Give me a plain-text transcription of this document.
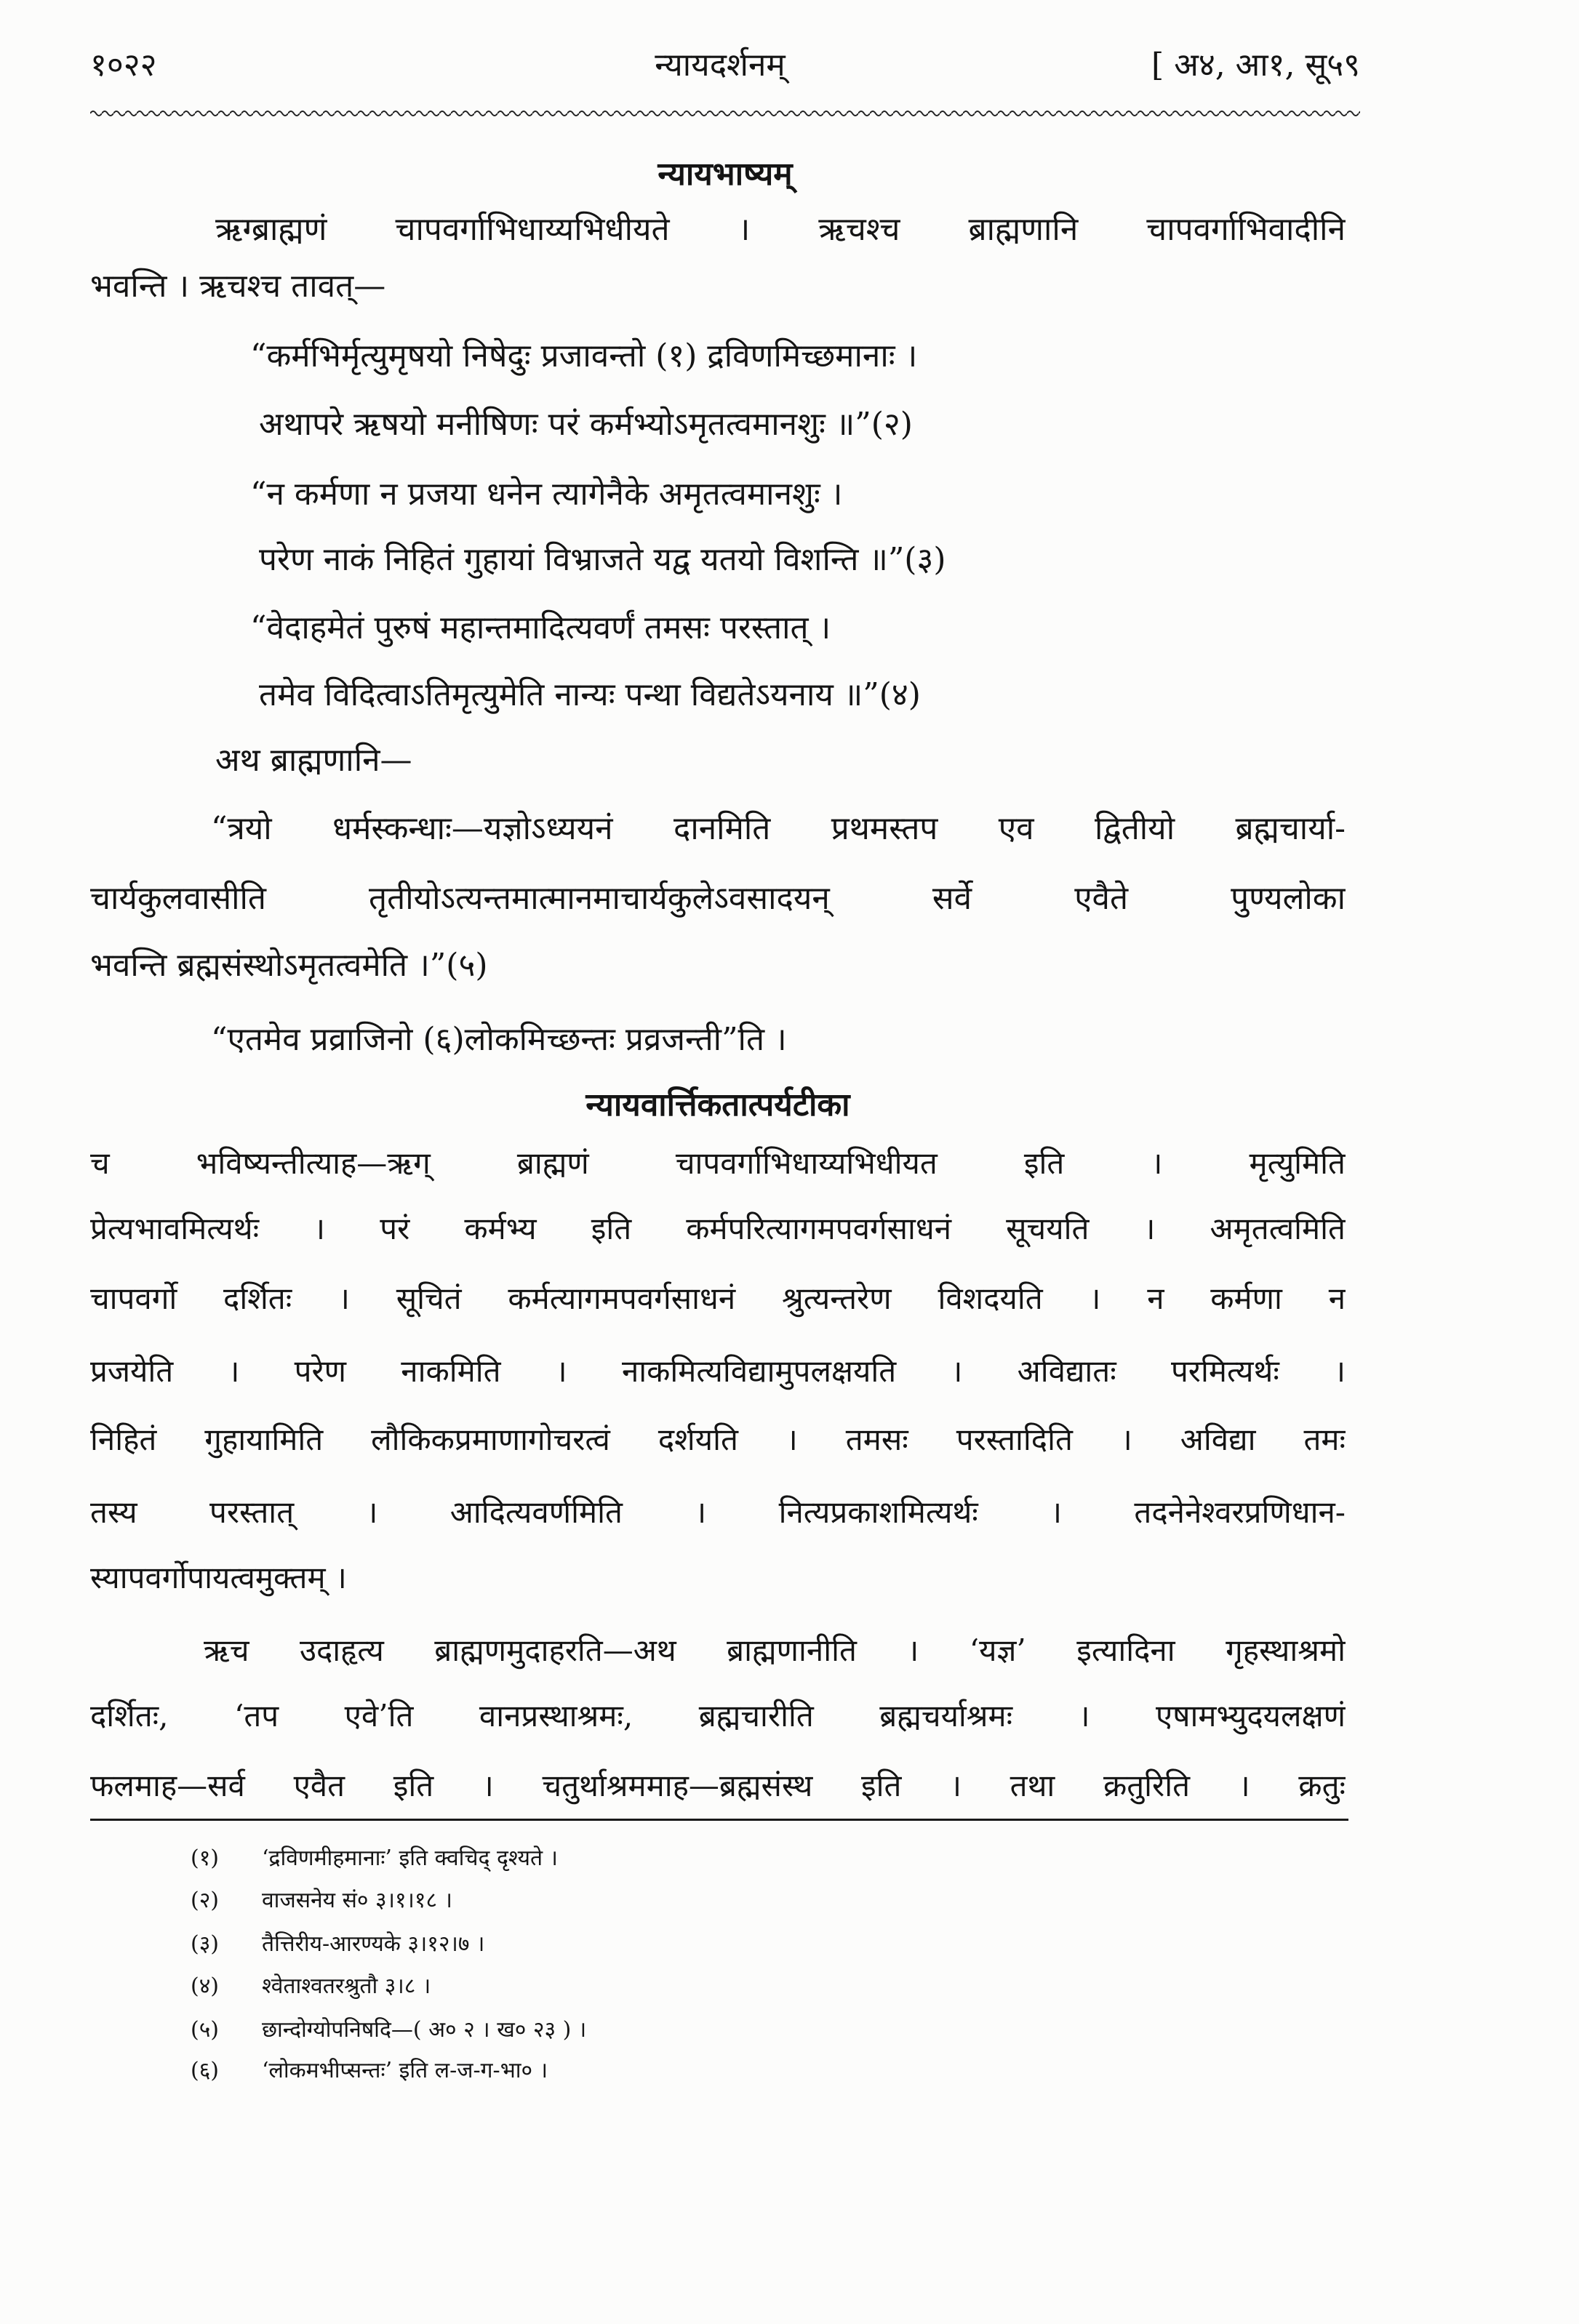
१०२२	न्यायदर्शनम्	[ अ४, आ१, सू५९
न्यायभाष्यम्
ऋग्ब्राह्मणं चापवर्गाभिधाय्यभिधीयते । ऋचश्च ब्राह्मणानि चापवर्गाभिवादीनि
भवन्ति । ऋचश्च तावत्—
“कर्मभिर्मृत्युमृषयो निषेदुः प्रजावन्तो (१) द्रविणमिच्छमानाः ।
अथापरे ऋषयो मनीषिणः परं कर्मभ्योऽमृतत्वमानशुः ॥”(२)
“न कर्मणा न प्रजया धनेन त्यागेनैके अमृतत्वमानशुः ।
परेण नाकं निहितं गुहायां विभ्राजते यद्व यतयो विशन्ति ॥”(३)
“वेदाहमेतं पुरुषं महान्तमादित्यवर्णं तमसः परस्तात् ।
तमेव विदित्वाऽतिमृत्युमेति नान्यः पन्था विद्यतेऽयनाय ॥”(४)
अथ ब्राह्मणानि—
“त्रयो धर्मस्कन्धाः—यज्ञोऽध्ययनं दानमिति प्रथमस्तप एव द्वितीयो ब्रह्मचार्या-
चार्यकुलवासीति तृतीयोऽत्यन्तमात्मानमाचार्यकुलेऽवसादयन् सर्वे एवैते पुण्यलोका
भवन्ति ब्रह्मसंस्थोऽमृतत्वमेति ।”(५)
“एतमेव प्रव्राजिनो (६)लोकमिच्छन्तः प्रव्रजन्ती”ति ।
न्यायवार्त्तिकतात्पर्यटीका
च भविष्यन्तीत्याह—ऋग् ब्राह्मणं चापवर्गाभिधाय्यभिधीयत इति । मृत्युमिति
प्रेत्यभावमित्यर्थः । परं कर्मभ्य इति कर्मपरित्यागमपवर्गसाधनं सूचयति । अमृतत्वमिति
चापवर्गो दर्शितः । सूचितं कर्मत्यागमपवर्गसाधनं श्रुत्यन्तरेण विशदयति । न कर्मणा न
प्रजयेति । परेण नाकमिति । नाकमित्यविद्यामुपलक्षयति । अविद्यातः परमित्यर्थः ।
निहितं गुहायामिति लौकिकप्रमाणागोचरत्वं दर्शयति । तमसः परस्तादिति । अविद्या तमः
तस्य परस्तात् । आदित्यवर्णमिति । नित्यप्रकाशमित्यर्थः । तदनेनेश्वरप्रणिधान-
स्यापवर्गोपायत्वमुक्तम् ।
ऋच उदाहृत्य ब्राह्मणमुदाहरति—अथ ब्राह्मणानीति । ‘यज्ञ’ इत्यादिना गृहस्थाश्रमो
दर्शितः, ‘तप एवे’ति वानप्रस्थाश्रमः, ब्रह्मचारीति ब्रह्मचर्याश्रमः । एषामभ्युदयलक्षणं
फलमाह—सर्व एवैत इति । चतुर्थाश्रममाह—ब्रह्मसंस्थ इति । तथा क्रतुरिति । क्रतुः
(१) ‘द्रविणमीहमानाः’ इति क्वचिद् दृश्यते ।
(२) वाजसनेय सं० ३।१।१८ ।
(३) तैत्तिरीय-आरण्यके ३।१२।७ ।
(४) श्वेताश्वतरश्रुतौ ३।८ ।
(५) छान्दोग्योपनिषदि—( अ० २ । ख० २३ ) ।
(६) ‘लोकमभीप्सन्तः’ इति ल-ज-ग-भा० ।
